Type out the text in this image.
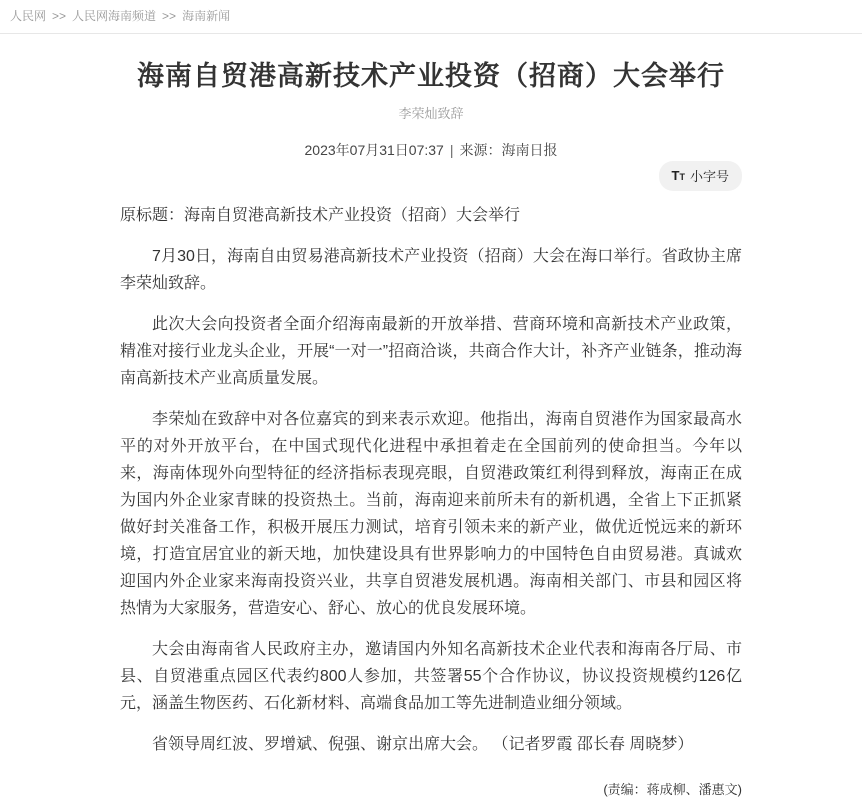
人民网 >> 人民网海南频道 >> 海南新闻
海南自贸港高新技术产业投资（招商）大会举行
李荣灿致辞
2023年07月31日07:37 | 来源：海南日报
TT 小字号

原标题：海南自贸港高新技术产业投资（招商）大会举行

7月30日，海南自由贸易港高新技术产业投资（招商）大会在海口举行。省政协主席李荣灿致辞。

此次大会向投资者全面介绍海南最新的开放举措、营商环境和高新技术产业政策，精准对接行业龙头企业，开展“一对一”招商洽谈，共商合作大计，补齐产业链条，推动海南高新技术产业高质量发展。

李荣灿在致辞中对各位嘉宾的到来表示欢迎。他指出，海南自贸港作为国家最高水平的对外开放平台，在中国式现代化进程中承担着走在全国前列的使命担当。今年以来，海南体现外向型特征的经济指标表现亮眼，自贸港政策红利得到释放，海南正在成为国内外企业家青睐的投资热土。当前，海南迎来前所未有的新机遇，全省上下正抓紧做好封关准备工作，积极开展压力测试，培育引领未来的新产业，做优近悦远来的新环境，打造宜居宜业的新天地，加快建设具有世界影响力的中国特色自由贸易港。真诚欢迎国内外企业家来海南投资兴业，共享自贸港发展机遇。海南相关部门、市县和园区将热情为大家服务，营造安心、舒心、放心的优良发展环境。

大会由海南省人民政府主办，邀请国内外知名高新技术企业代表和海南各厅局、市县、自贸港重点园区代表约800人参加，共签署55个合作协议，协议投资规模约126亿元，涵盖生物医药、石化新材料、高端食品加工等先进制造业细分领域。

省领导周红波、罗增斌、倪强、谢京出席大会。 （记者罗霞 邵长春 周晓梦）

(责编：蒋成柳、潘惠文)
